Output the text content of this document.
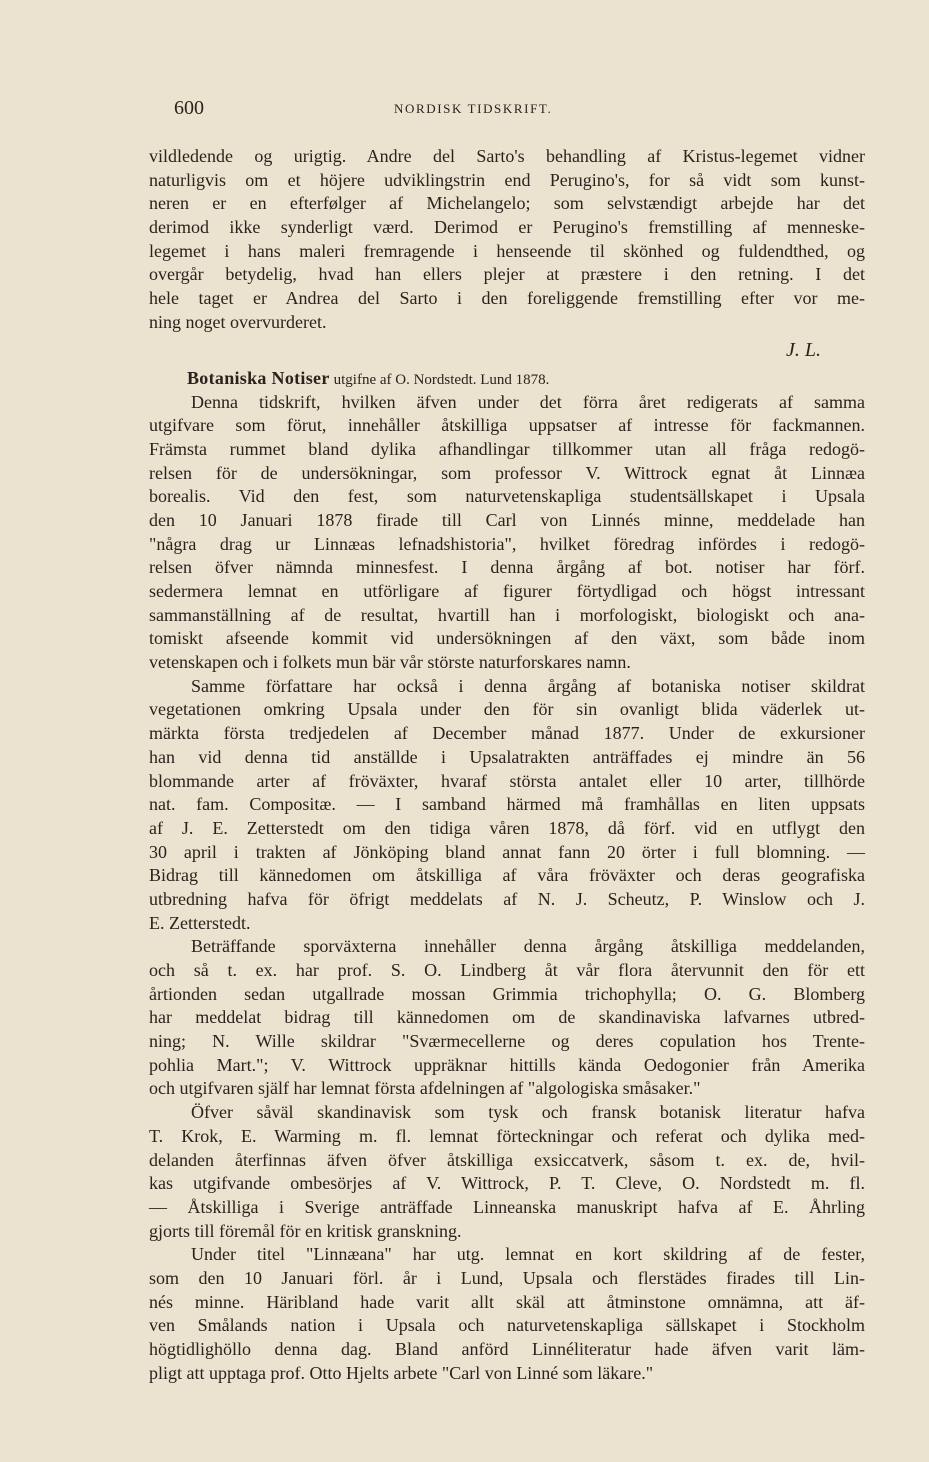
600	NORDISK TIDSKRIFT.
vildledende og urigtig. Andre del Sarto's behandling af Kristus-legemet vidner
naturligvis om et höjere udviklingstrin end Perugino's, for så vidt som kunst-
neren er en efterfølger af Michelangelo; som selvstændigt arbejde har det
derimod ikke synderligt værd. Derimod er Perugino's fremstilling af menneske-
legemet i hans maleri fremragende i henseende til skönhed og fuldendthed, og
overgår betydelig, hvad han ellers plejer at præstere i den retning. I det
hele taget er Andrea del Sarto i den foreliggende fremstilling efter vor me-
ning noget overvurderet.
J. L.
Botaniska Notiser utgifne af O. Nordstedt. Lund 1878.
Denna tidskrift, hvilken äfven under det förra året redigerats af samma
utgifvare som förut, innehåller åtskilliga uppsatser af intresse för fackmannen.
Främsta rummet bland dylika afhandlingar tillkommer utan all fråga redogö-
relsen för de undersökningar, som professor V. Wittrock egnat åt Linnæa
borealis. Vid den fest, som naturvetenskapliga studentsällskapet i Upsala
den 10 Januari 1878 firade till Carl von Linnés minne, meddelade han
"några drag ur Linnæas lefnadshistoria", hvilket föredrag infördes i redogö-
relsen öfver nämnda minnesfest. I denna årgång af bot. notiser har förf.
sedermera lemnat en utförligare af figurer förtydligad och högst intressant
sammanställning af de resultat, hvartill han i morfologiskt, biologiskt och ana-
tomiskt afseende kommit vid undersökningen af den växt, som både inom
vetenskapen och i folkets mun bär vår störste naturforskares namn.
Samme författare har också i denna årgång af botaniska notiser skildrat
vegetationen omkring Upsala under den för sin ovanligt blida väderlek ut-
märkta första tredjedelen af December månad 1877. Under de exkursioner
han vid denna tid anställde i Upsalatrakten anträffades ej mindre än 56
blommande arter af fröväxter, hvaraf största antalet eller 10 arter, tillhörde
nat. fam. Compositæ. — I samband härmed må framhållas en liten uppsats
af J. E. Zetterstedt om den tidiga våren 1878, då förf. vid en utflygt den
30 april i trakten af Jönköping bland annat fann 20 örter i full blomning. —
Bidrag till kännedomen om åtskilliga af våra fröväxter och deras geografiska
utbredning hafva för öfrigt meddelats af N. J. Scheutz, P. Winslow och J.
E. Zetterstedt.
Beträffande sporväxterna innehåller denna årgång åtskilliga meddelanden,
och så t. ex. har prof. S. O. Lindberg åt vår flora återvunnit den för ett
årtionden sedan utgallrade mossan Grimmia trichophylla; O. G. Blomberg
har meddelat bidrag till kännedomen om de skandinaviska lafvarnes utbred-
ning; N. Wille skildrar "Sværmecellerne og deres copulation hos Trente-
pohlia Mart."; V. Wittrock uppräknar hittills kända Oedogonier från Amerika
och utgifvaren själf har lemnat första afdelningen af "algologiska småsaker."
Öfver såväl skandinavisk som tysk och fransk botanisk literatur hafva
T. Krok, E. Warming m. fl. lemnat förteckningar och referat och dylika med-
delanden återfinnas äfven öfver åtskilliga exsiccatverk, såsom t. ex. de, hvil-
kas utgifvande ombesörjes af V. Wittrock, P. T. Cleve, O. Nordstedt m. fl.
— Åtskilliga i Sverige anträffade Linneanska manuskript hafva af E. Åhrling
gjorts till föremål för en kritisk granskning.
Under titel "Linnæana" har utg. lemnat en kort skildring af de fester,
som den 10 Januari förl. år i Lund, Upsala och flerstädes firades till Lin-
nés minne. Häribland hade varit allt skäl att åtminstone omnämna, att äf-
ven Smålands nation i Upsala och naturvetenskapliga sällskapet i Stockholm
högtidlighöllo denna dag. Bland anförd Linnéliteratur hade äfven varit läm-
pligt att upptaga prof. Otto Hjelts arbete "Carl von Linné som läkare."
